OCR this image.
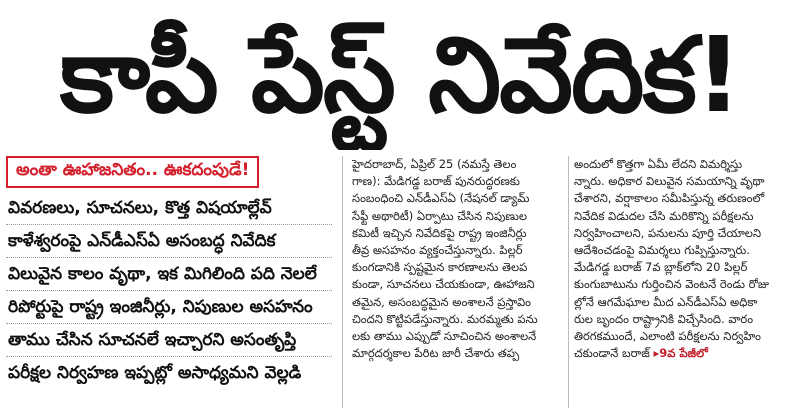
కాపీ పేస్ట్‌ నివేదిక!
అంతా ఊహాజనితం.. ఊకదంపుడే!
వివరణలు, సూచనలు, కొత్త విషయాల్లేవ్
కాళేశ్వరంపై ఎన్‌డీఎస్‌ఏ అసంబద్ధ నివేదిక
విలువైన కాలం వృథా, ఇక మిగిలింది పది నెలలే
రిపోర్టుపై రాష్ట్ర ఇంజినీర్లు, నిపుణుల అసహనం
తాము చేసిన సూచనలే ఇచ్చారని అసంతృప్తి
పరీక్షల నిర్వహణ ఇప్పట్లో అసాధ్యమని వెల్లడి
హైదరాబాద్‌, ఏప్రిల్‌ 25 (నమస్తే తెలం
గాణ): మేడిగడ్డ బరాజ్‌ పునరుద్ధరణకు
సంబంధించి ఎన్‌డీఎస్‌ఏ (నేషనల్‌ డ్యామ్‌
సేఫ్టీ అథారిటీ) ఏర్పాటు చేసిన నిపుణుల
కమిటీ ఇచ్చిన నివేదికపై రాష్ట్ర ఇంజినీర్లు
తీవ్ర అసహనం వ్యక్తంచేస్తున్నారు. పిల్లర్‌
కుంగడానికి స్పష్టమైన కారణాలను తెలప
కుండా, సూచనలు చేయకుండా, ఊహాజని
తమైన, అసంబద్ధమైన అంశాలనే ప్రస్తావిం
చిందని కొట్టిపడేస్తున్నారు. మరమ్మతు పను
లకు తాము ఎప్పుడో సూచించిన అంశాలనే
మార్గదర్శకాల పేరిట జారీ చేశారు తప్ప
అందులో కొత్తగా ఏమీ లేదని విమర్శిస్తు
న్నారు. అధికార విలువైన సమయాన్ని వృథా
చేశారని, వర్షాకాలం సమీపిస్తున్న తరుణంలో
నివేదిక విడుదల చేసి మరికొన్ని పరీక్షలను
నిర్వహించాలని, పనులను పూర్తి చేయాలని
ఆదేశించడంపై విమర్శలు గుప్పిస్తున్నారు.
మేడిగడ్డ బరాజ్‌ 7వ బ్లాక్‌లోని 20 పిల్లర్‌
కుంగుబాటును గుర్తించిన వెంటనే రెండు రోజు
ల్లోనే ఆగమేఘాల మీద ఎన్‌డీఎస్‌ఏ అధికా
రుల బృందం రాష్ట్రానికి విచ్చేసింది. వారం
తిరగకముందే, ఎలాంటి పరీక్షలను నిర్వహిం
చకుండానే బరాజ్‌ ▸9వ పేజీలో
